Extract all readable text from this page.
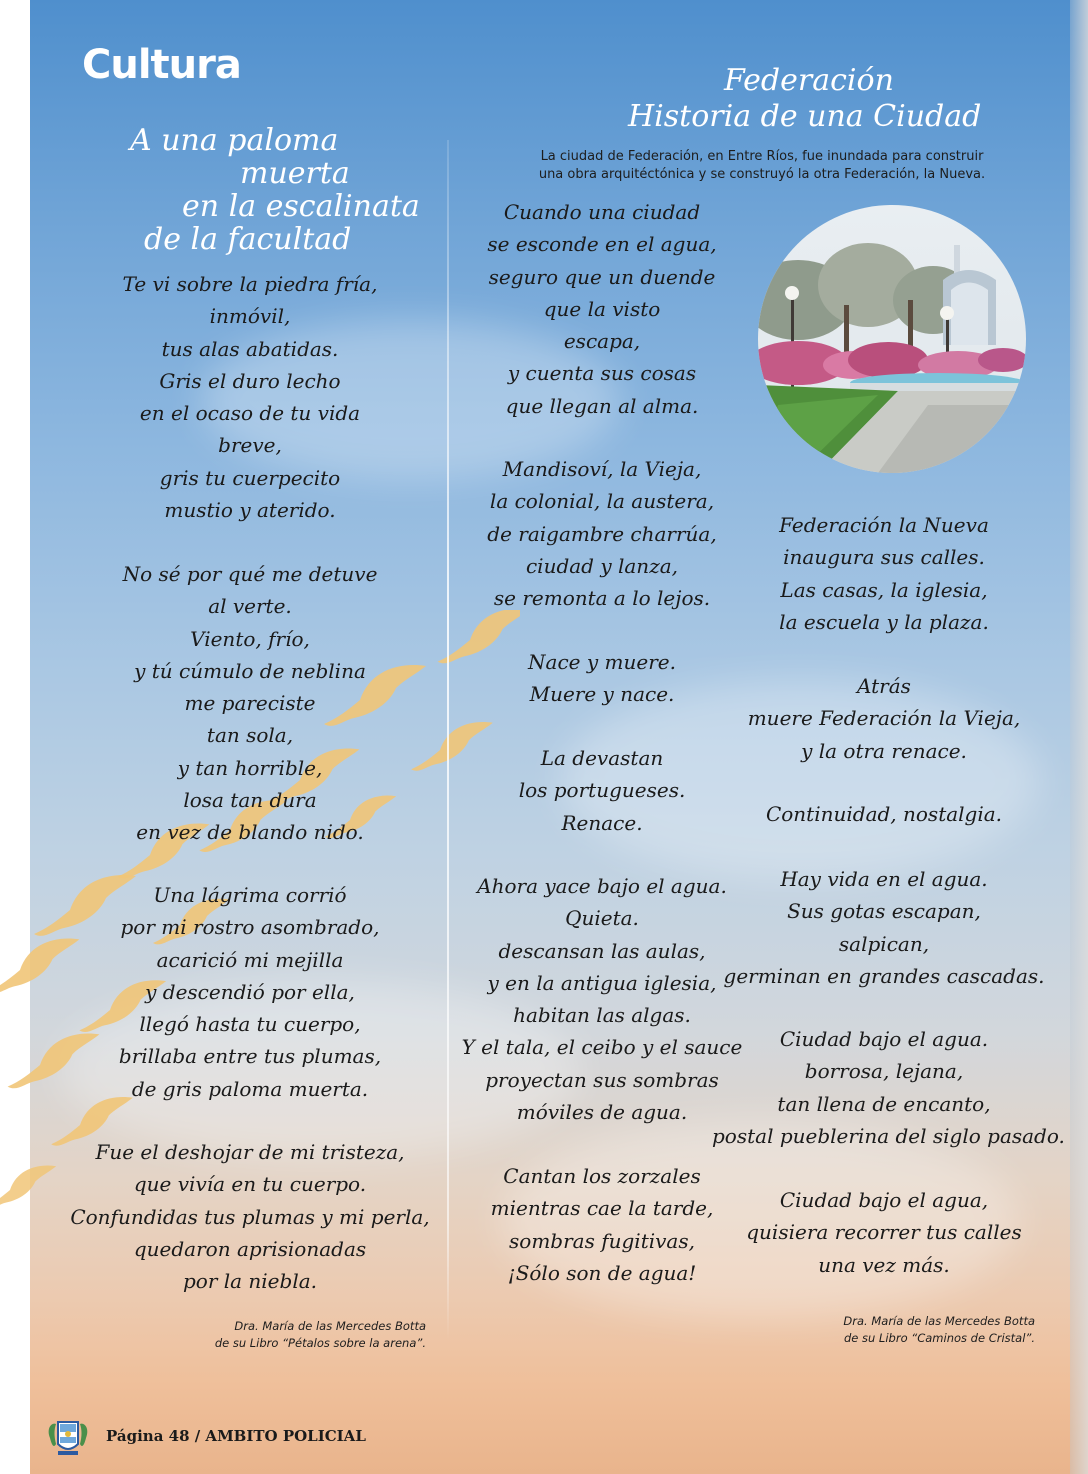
Cultura
A una paloma
muerta
en la escalinata
de la facultad
Te vi sobre la piedra fría,
inmóvil,
tus alas abatidas.
Gris el duro lecho
en el ocaso de tu vida
breve,
gris tu cuerpecito
mustio y aterido.
No sé por qué me detuve
al verte.
Viento, frío,
y tú cúmulo de neblina
me pareciste
tan sola,
y tan horrible,
losa tan dura
en vez de blando nido.
Una lágrima corrió
por mi rostro asombrado,
acarició mi mejilla
y descendió por ella,
llegó hasta tu cuerpo,
brillaba entre tus plumas,
de gris paloma muerta.
Fue el deshojar de mi tristeza,
que vivía en tu cuerpo.
Confundidas tus plumas y mi perla,
quedaron aprisionadas
por la niebla.
Dra. María de las Mercedes Botta
de su Libro “Pétalos sobre la arena”.
Federación
Historia de una Ciudad
La ciudad de Federación, en Entre Ríos, fue inundada para construir
una obra arquitéctónica y se construyó la otra Federación, la Nueva.
Cuando una ciudad
se esconde en el agua,
seguro que un duende
que la visto
escapa,
y cuenta sus cosas
que llegan al alma.
Mandisoví, la Vieja,
la colonial, la austera,
de raigambre charrúa,
ciudad y lanza,
se remonta a lo lejos.
Nace y muere.
Muere y nace.
La devastan
los portugueses.
Renace.
Ahora yace bajo el agua.
Quieta.
descansan las aulas,
y en la antigua iglesia,
habitan las algas.
Y el tala, el ceibo y el sauce
proyectan sus sombras
móviles de agua.
Cantan los zorzales
mientras cae la tarde,
sombras fugitivas,
¡Sólo son de agua!
Federación la Nueva
inaugura sus calles.
Las casas, la iglesia,
la escuela y la plaza.
Atrás
muere Federación la Vieja,
y la otra renace.
Continuidad, nostalgia.
Hay vida en el agua.
Sus gotas escapan,
salpican,
germinan en grandes cascadas.
Ciudad bajo el agua.
borrosa, lejana,
tan llena de encanto,
postal pueblerina del siglo pasado.
Ciudad bajo el agua,
quisiera recorrer tus calles
una vez más.
Dra. María de las Mercedes Botta
de su Libro “Caminos de Cristal”.
Página 48 / AMBITO POLICIAL
